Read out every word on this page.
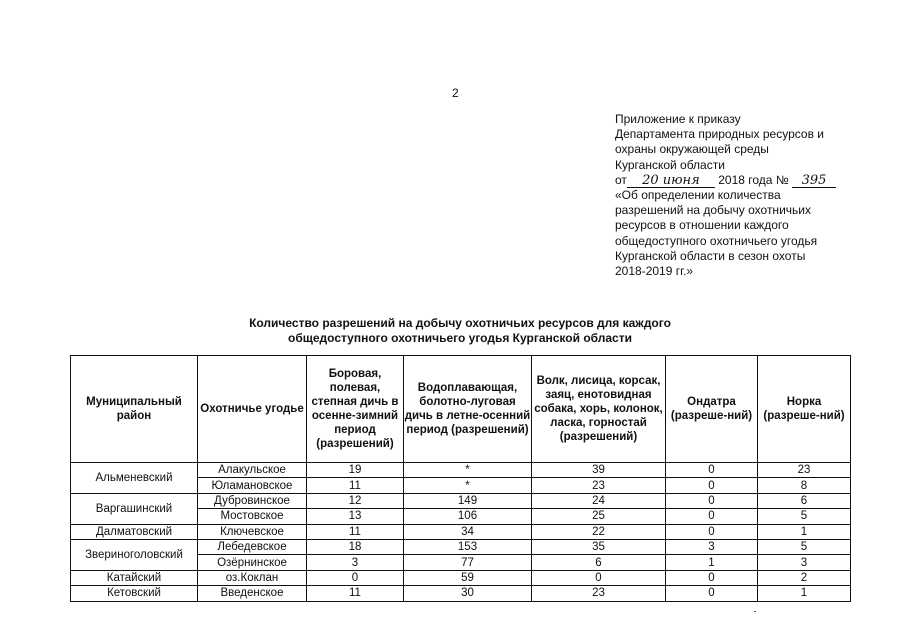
2
Приложение к приказу
Департамента природных ресурсов и
охраны окружающей среды
Курганской области
от 20 июня 2018 года № 395
«Об определении количества
разрешений на добычу охотничьих
ресурсов в отношении каждого
общедоступного охотничьего угодья
Курганской области в сезон охоты
2018-2019 гг.»
Количество разрешений на добычу охотничьих ресурсов для каждого
общедоступного охотничьего угодья Курганской области
Муниципальный район	Охотничье угодье	Боровая, полевая, степная дичь в осенне-зимний период (разрешений)	Водоплавающая, болотно-луговая дичь в летне-осенний период (разрешений)	Волк, лисица, корсак, заяц, енотовидная собака, хорь, колонок, ласка, горностай (разрешений)	Ондатра (разреше-ний)	Норка (разреше-ний)
Альменевский	Алакульское	19	*	39	0	23
	Юламановское	11	*	23	0	8
Варгашинский	Дубровинское	12	149	24	0	6
	Мостовское	13	106	25	0	5
Далматовский	Ключевское	11	34	22	0	1
Звериноголовский	Лебедевское	18	153	35	3	5
	Озёрнинское	3	77	6	1	3
Катайский	оз.Коклан	0	59	0	0	2
Кетовский	Введенское	11	30	23	0	1
